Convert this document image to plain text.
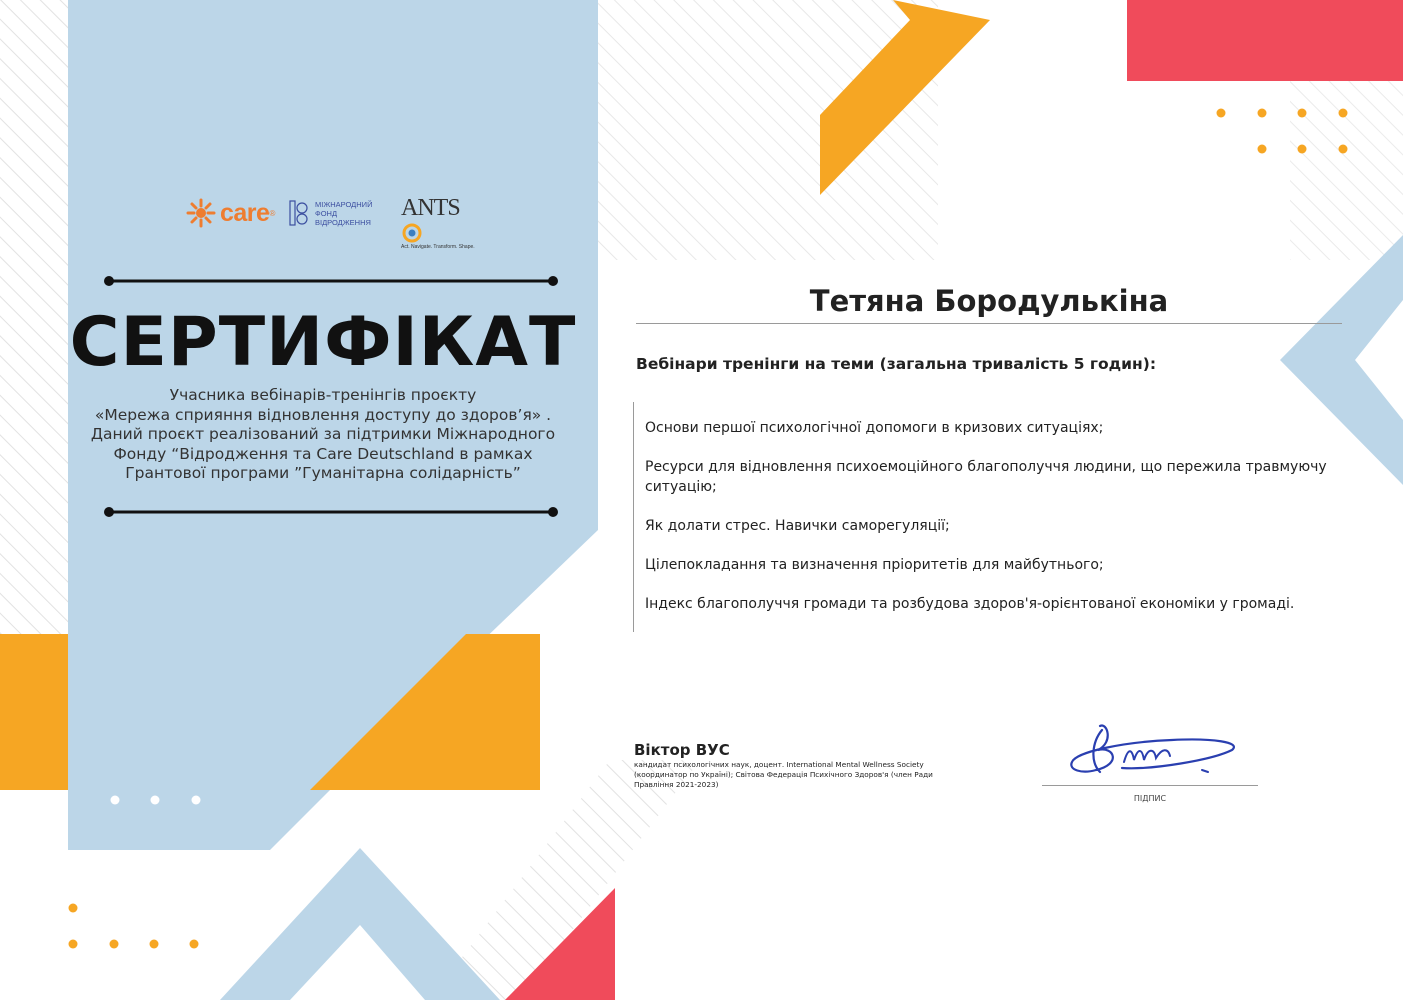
care ®
МІЖНАРОДНИЙ
ФОНД
ВІДРОДЖЕННЯ
ANTS
Act. Navigate. Transform. Shape.
СЕРТИФІКАТ
Учасника вебінарів-тренінгів проєкту
«Мережа сприяння відновлення доступу до здоров’я» .
Даний проєкт реалізований за підтримки Міжнародного
Фонду “Відродження та Care Deutschland в рамках
Грантової програми ”Гуманітарна солідарність”
Тетяна Бородулькіна
Вебінари тренінги на теми (загальна тривалість 5 годин):
Основи першої психологічної допомоги в кризових ситуаціях;
Ресурси для відновлення психоемоційного благополуччя людини, що пережила травмуючу ситуацію;
Як долати стрес. Навички саморегуляції;
Цілепокладання та визначення пріоритетів для майбутнього;
Індекс благополуччя громади та розбудова здоров'я-орієнтованої економіки у громаді.
Віктор ВУС
кандидат психологічних наук, доцент. International Mental Wellness Society (координатор по Україні); Світова Федерація Психічного Здоров'я (член Ради Правління 2021-2023)
ПІДПИС
